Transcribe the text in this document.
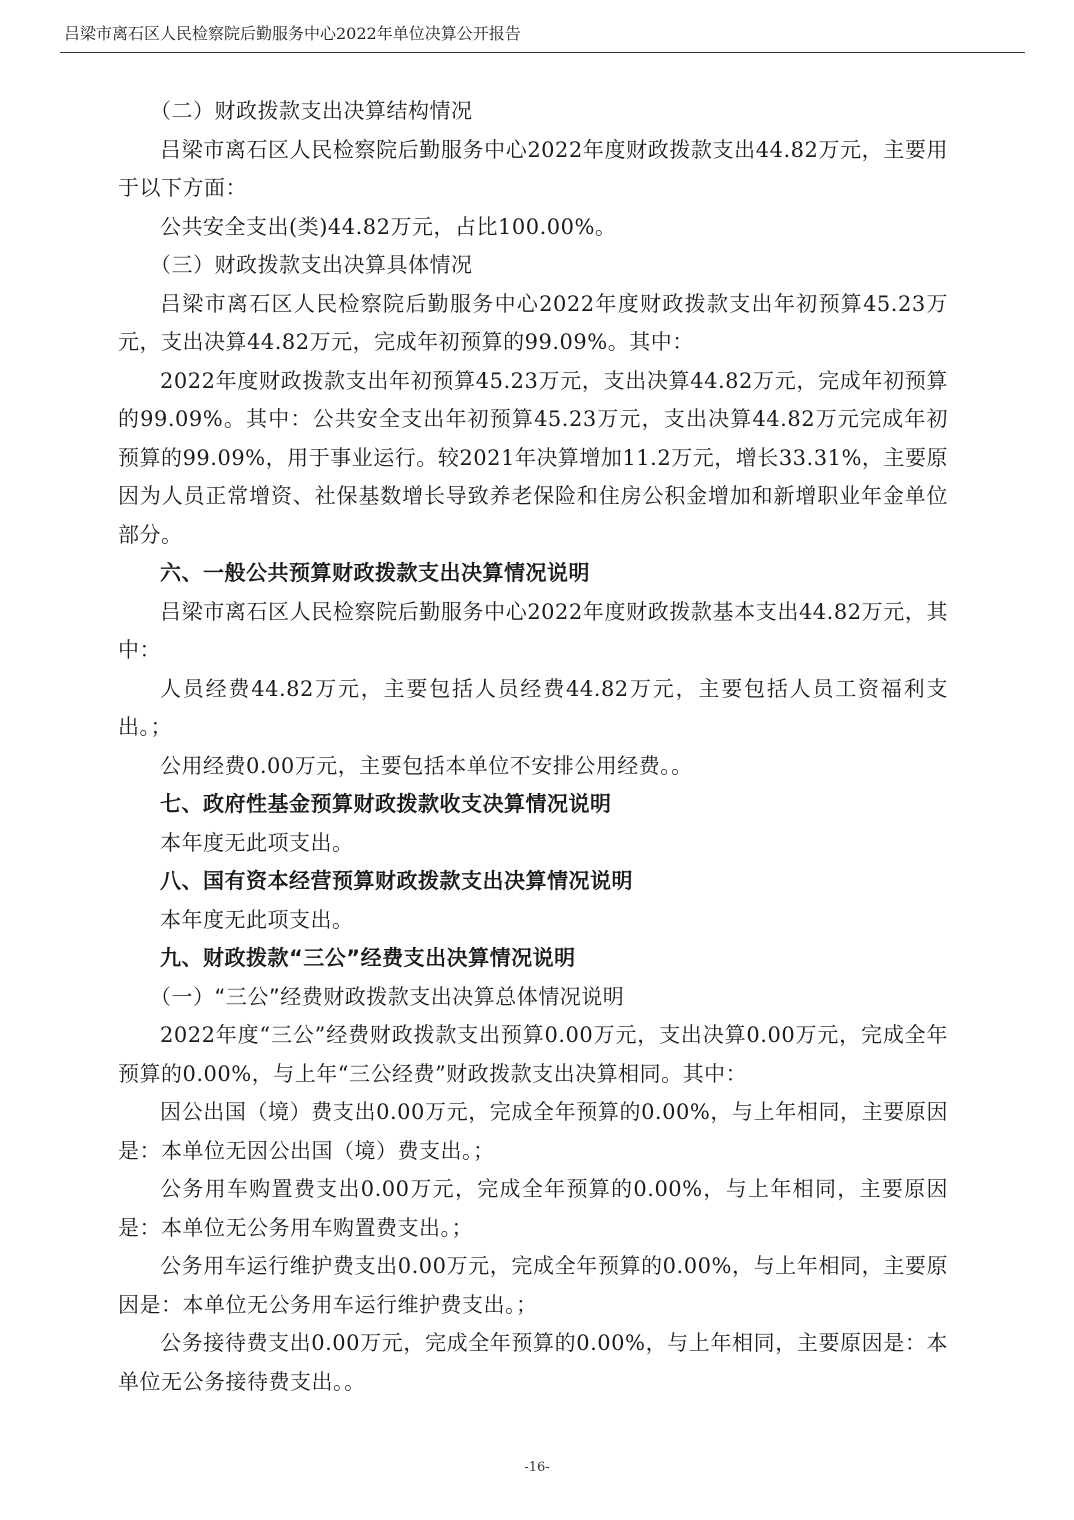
吕梁市离石区人民检察院后勤服务中心2022年单位决算公开报告

（二）财政拨款支出决算结构情况

吕梁市离石区人民检察院后勤服务中心2022年度财政拨款支出44.82万元，主要用于以下方面：

公共安全支出(类)44.82万元，占比100.00%。

（三）财政拨款支出决算具体情况

吕梁市离石区人民检察院后勤服务中心2022年度财政拨款支出年初预算45.23万元，支出决算44.82万元，完成年初预算的99.09%。其中：

2022年度财政拨款支出年初预算45.23万元，支出决算44.82万元，完成年初预算的99.09%。其中：公共安全支出年初预算45.23万元，支出决算44.82万元完成年初预算的99.09%，用于事业运行。较2021年决算增加11.2万元，增长33.31%，主要原因为人员正常增资、社保基数增长导致养老保险和住房公积金增加和新增职业年金单位部分。

六、一般公共预算财政拨款支出决算情况说明

吕梁市离石区人民检察院后勤服务中心2022年度财政拨款基本支出44.82万元，其中：

人员经费44.82万元，主要包括人员经费44.82万元，主要包括人员工资福利支出。；

公用经费0.00万元，主要包括本单位不安排公用经费。。

七、政府性基金预算财政拨款收支决算情况说明

本年度无此项支出。

八、国有资本经营预算财政拨款支出决算情况说明

本年度无此项支出。

九、财政拨款“三公”经费支出决算情况说明

（一）“三公”经费财政拨款支出决算总体情况说明

2022年度“三公”经费财政拨款支出预算0.00万元，支出决算0.00万元，完成全年预算的0.00%，与上年“三公经费”财政拨款支出决算相同。其中：

因公出国（境）费支出0.00万元，完成全年预算的0.00%，与上年相同，主要原因是：本单位无因公出国（境）费支出。；

公务用车购置费支出0.00万元，完成全年预算的0.00%，与上年相同，主要原因是：本单位无公务用车购置费支出。；

公务用车运行维护费支出0.00万元，完成全年预算的0.00%，与上年相同，主要原因是：本单位无公务用车运行维护费支出。；

公务接待费支出0.00万元，完成全年预算的0.00%，与上年相同，主要原因是：本单位无公务接待费支出。。

-16-
